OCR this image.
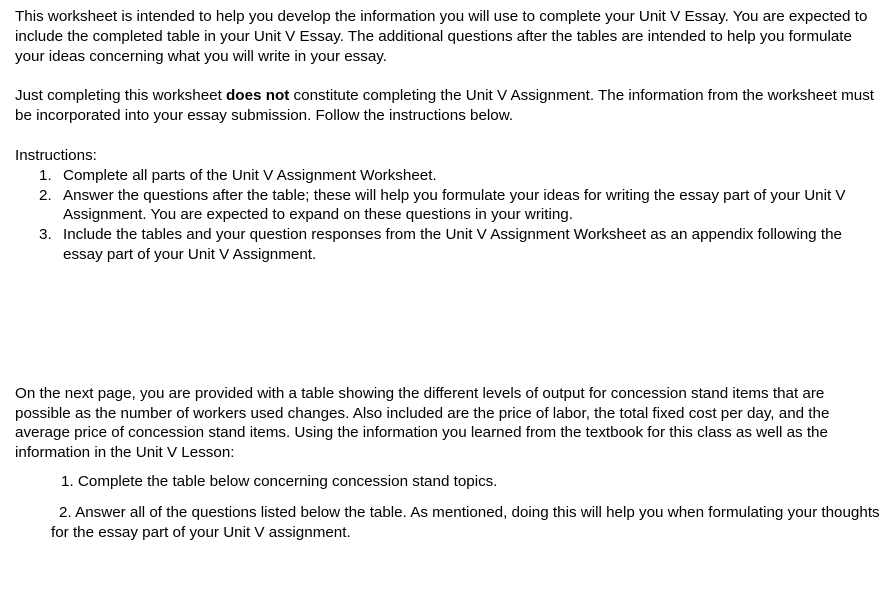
This worksheet is intended to help you develop the information you will use to complete your Unit V Essay. You are expected to include the completed table in your Unit V Essay. The additional questions after the tables are intended to help you formulate your ideas concerning what you will write in your essay.

Just completing this worksheet does not constitute completing the Unit V Assignment. The information from the worksheet must be incorporated into your essay submission. Follow the instructions below.

Instructions:

1. Complete all parts of the Unit V Assignment Worksheet.
2. Answer the questions after the table; these will help you formulate your ideas for writing the essay part of your Unit V Assignment. You are expected to expand on these questions in your writing.
3. Include the tables and your question responses from the Unit V Assignment Worksheet as an appendix following the essay part of your Unit V Assignment.

On the next page, you are provided with a table showing the different levels of output for concession stand items that are possible as the number of workers used changes. Also included are the price of labor, the total fixed cost per day, and the average price of concession stand items. Using the information you learned from the textbook for this class as well as the information in the Unit V Lesson:

1. Complete the table below concerning concession stand topics.

2. Answer all of the questions listed below the table. As mentioned, doing this will help you when formulating your thoughts for the essay part of your Unit V assignment.
